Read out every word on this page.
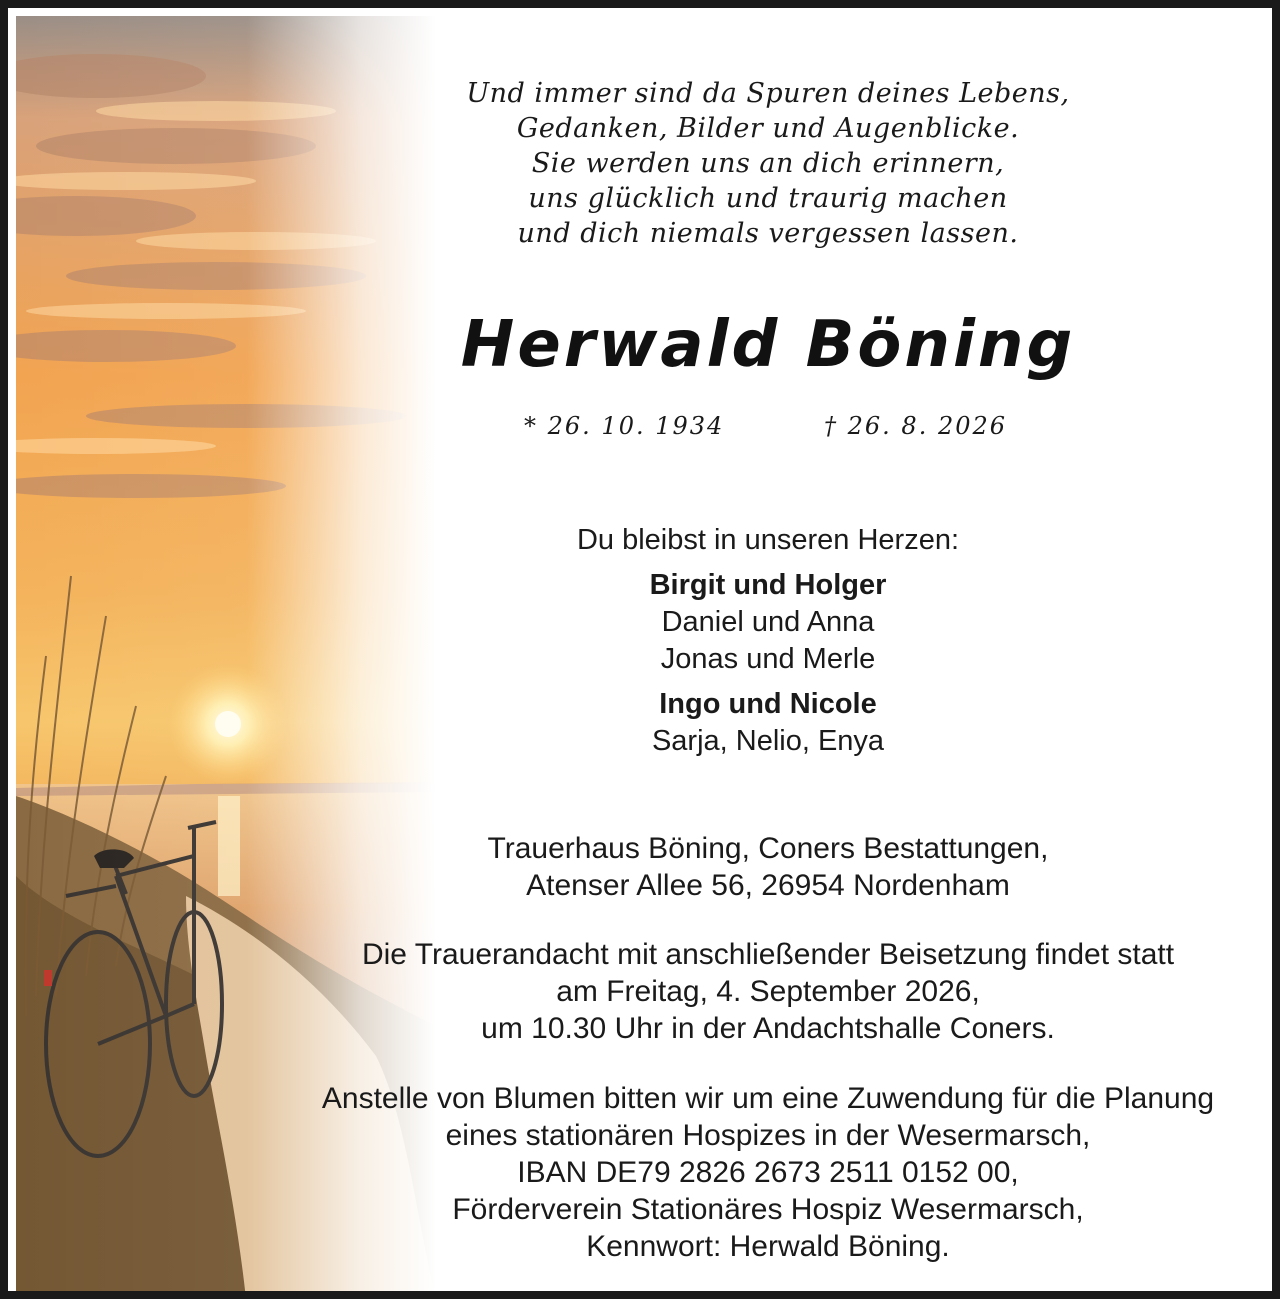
Und immer sind da Spuren deines Lebens,
Gedanken, Bilder und Augenblicke.
Sie werden uns an dich erinnern,
uns glücklich und traurig machen
und dich niemals vergessen lassen.
Herwald Böning
* 26. 10. 1934	† 26. 8. 2026
Du bleibst in unseren Herzen:
Birgit und Holger
Daniel und Anna
Jonas und Merle
Ingo und Nicole
Sarja, Nelio, Enya
Trauerhaus Böning, Coners Bestattungen,
Atenser Allee 56, 26954 Nordenham
Die Trauerandacht mit anschließender Beisetzung findet statt
am Freitag, 4. September 2026,
um 10.30 Uhr in der Andachtshalle Coners.
Anstelle von Blumen bitten wir um eine Zuwendung für die Planung
eines stationären Hospizes in der Wesermarsch,
IBAN DE79 2826 2673 2511 0152 00,
Förderverein Stationäres Hospiz Wesermarsch,
Kennwort: Herwald Böning.
